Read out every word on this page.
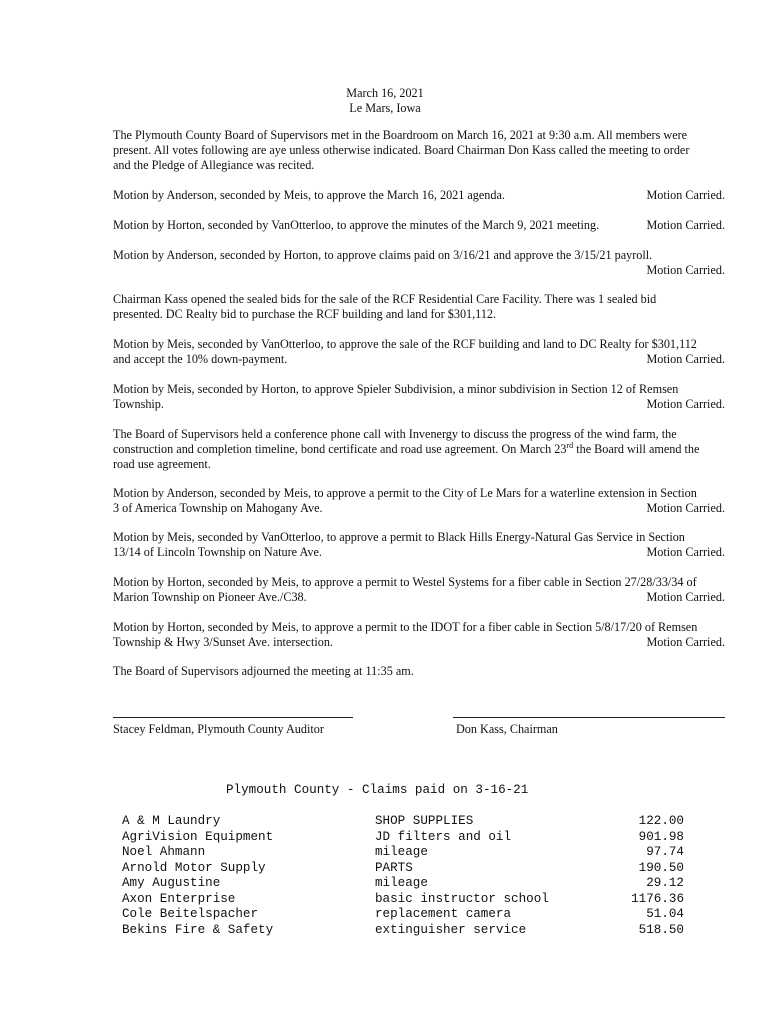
March 16, 2021
Le Mars, Iowa
The Plymouth County Board of Supervisors met in the Boardroom on March 16, 2021 at 9:30 a.m. All members were
present. All votes following are aye unless otherwise indicated. Board Chairman Don Kass called the meeting to order
and the Pledge of Allegiance was recited.
Motion by Anderson, seconded by Meis, to approve the March 16, 2021 agenda.	Motion Carried.
Motion by Horton, seconded by VanOtterloo, to approve the minutes of the March 9, 2021 meeting.	Motion Carried.
Motion by Anderson, seconded by Horton, to approve claims paid on 3/16/21 and approve the 3/15/21 payroll.
Motion Carried.
Chairman Kass opened the sealed bids for the sale of the RCF Residential Care Facility. There was 1 sealed bid
presented. DC Realty bid to purchase the RCF building and land for $301,112.
Motion by Meis, seconded by VanOtterloo, to approve the sale of the RCF building and land to DC Realty for $301,112
and accept the 10% down-payment.	Motion Carried.
Motion by Meis, seconded by Horton, to approve Spieler Subdivision, a minor subdivision in Section 12 of Remsen
Township.	Motion Carried.
The Board of Supervisors held a conference phone call with Invenergy to discuss the progress of the wind farm, the
construction and completion timeline, bond certificate and road use agreement. On March 23rd the Board will amend the
road use agreement.
Motion by Anderson, seconded by Meis, to approve a permit to the City of Le Mars for a waterline extension in Section
3 of America Township on Mahogany Ave.	Motion Carried.
Motion by Meis, seconded by VanOtterloo, to approve a permit to Black Hills Energy-Natural Gas Service in Section
13/14 of Lincoln Township on Nature Ave.	Motion Carried.
Motion by Horton, seconded by Meis, to approve a permit to Westel Systems for a fiber cable in Section 27/28/33/34 of
Marion Township on Pioneer Ave./C38.	Motion Carried.
Motion by Horton, seconded by Meis, to approve a permit to the IDOT for a fiber cable in Section 5/8/17/20 of Remsen
Township & Hwy 3/Sunset Ave. intersection.	Motion Carried.
The Board of Supervisors adjourned the meeting at 11:35 am.
Stacey Feldman, Plymouth County Auditor	Don Kass, Chairman
Plymouth County - Claims paid on 3-16-21
A & M Laundry	SHOP SUPPLIES	122.00
AgriVision Equipment	JD filters and oil	901.98
Noel Ahmann	mileage	97.74
Arnold Motor Supply	PARTS	190.50
Amy Augustine	mileage	29.12
Axon Enterprise	basic instructor school	1176.36
Cole Beitelspacher	replacement camera	51.04
Bekins Fire & Safety	extinguisher service	518.50
